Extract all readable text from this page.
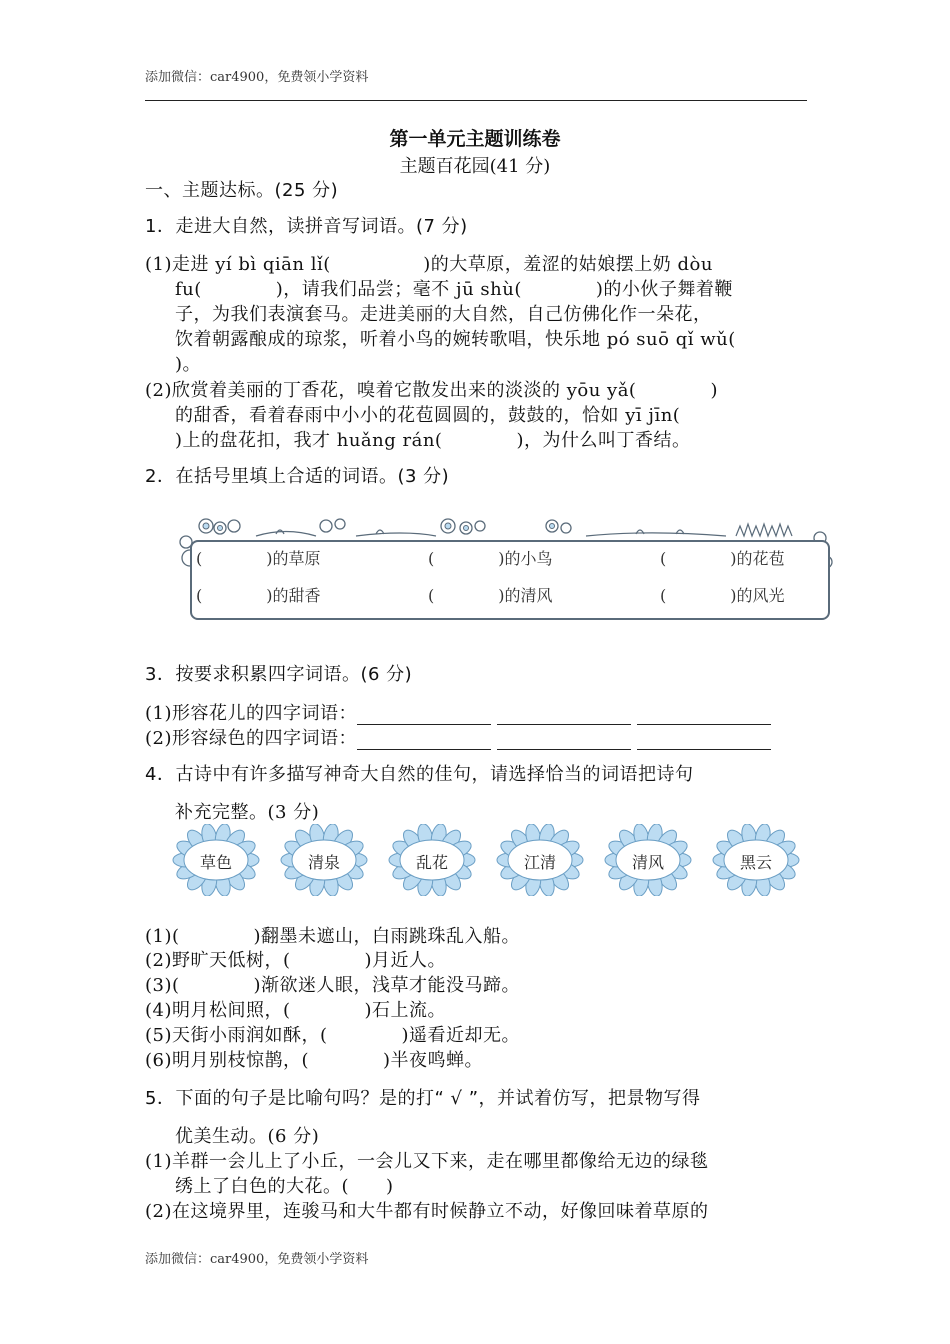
添加微信：car4900，免费领小学资料
第一单元主题训练卷
主题百花园(41 分)
一、主题达标。(25 分)
1．走进大自然，读拼音写词语。(7 分)
(1)走进 yí bì qiān lǐ(　　　　　)的大草原，羞涩的姑娘摆上奶 dòu
fu(　　　　)，请我们品尝；毫不 jū shù(　　　　)的小伙子舞着鞭
子，为我们表演套马。走进美丽的大自然，自己仿佛化作一朵花，
饮着朝露酿成的琼浆，听着小鸟的婉转歌唱，快乐地 pó suō qǐ wǔ(
)。
(2)欣赏着美丽的丁香花，嗅着它散发出来的淡淡的 yōu yǎ(　　　　)
的甜香，看着春雨中小小的花苞圆圆的，鼓鼓的，恰如 yī jīn(
)上的盘花扣，我才 huǎng rán(　　　　)，为什么叫丁香结。
2．在括号里填上合适的词语。(3 分)
(　　　　)的草原	(　　　　)的小鸟	(　　　　)的花苞
(　　　　)的甜香	(　　　　)的清风	(　　　　)的风光
3．按要求积累四字词语。(6 分)
(1)形容花儿的四字词语：
(2)形容绿色的四字词语：
4．古诗中有许多描写神奇大自然的佳句，请选择恰当的词语把诗句
补充完整。(3 分)
草色	清泉	乱花	江清	清风	黑云
(1)(　　　　)翻墨未遮山，白雨跳珠乱入船。
(2)野旷天低树，(　　　　)月近人。
(3)(　　　　)渐欲迷人眼，浅草才能没马蹄。
(4)明月松间照，(　　　　)石上流。
(5)天街小雨润如酥，(　　　　)遥看近却无。
(6)明月别枝惊鹊，(　　　　)半夜鸣蝉。
5．下面的句子是比喻句吗？是的打“ √ ”，并试着仿写，把景物写得
优美生动。(6 分)
(1)羊群一会儿上了小丘，一会儿又下来，走在哪里都像给无边的绿毯
绣上了白色的大花。(　　)
(2)在这境界里，连骏马和大牛都有时候静立不动，好像回味着草原的
添加微信：car4900，免费领小学资料
